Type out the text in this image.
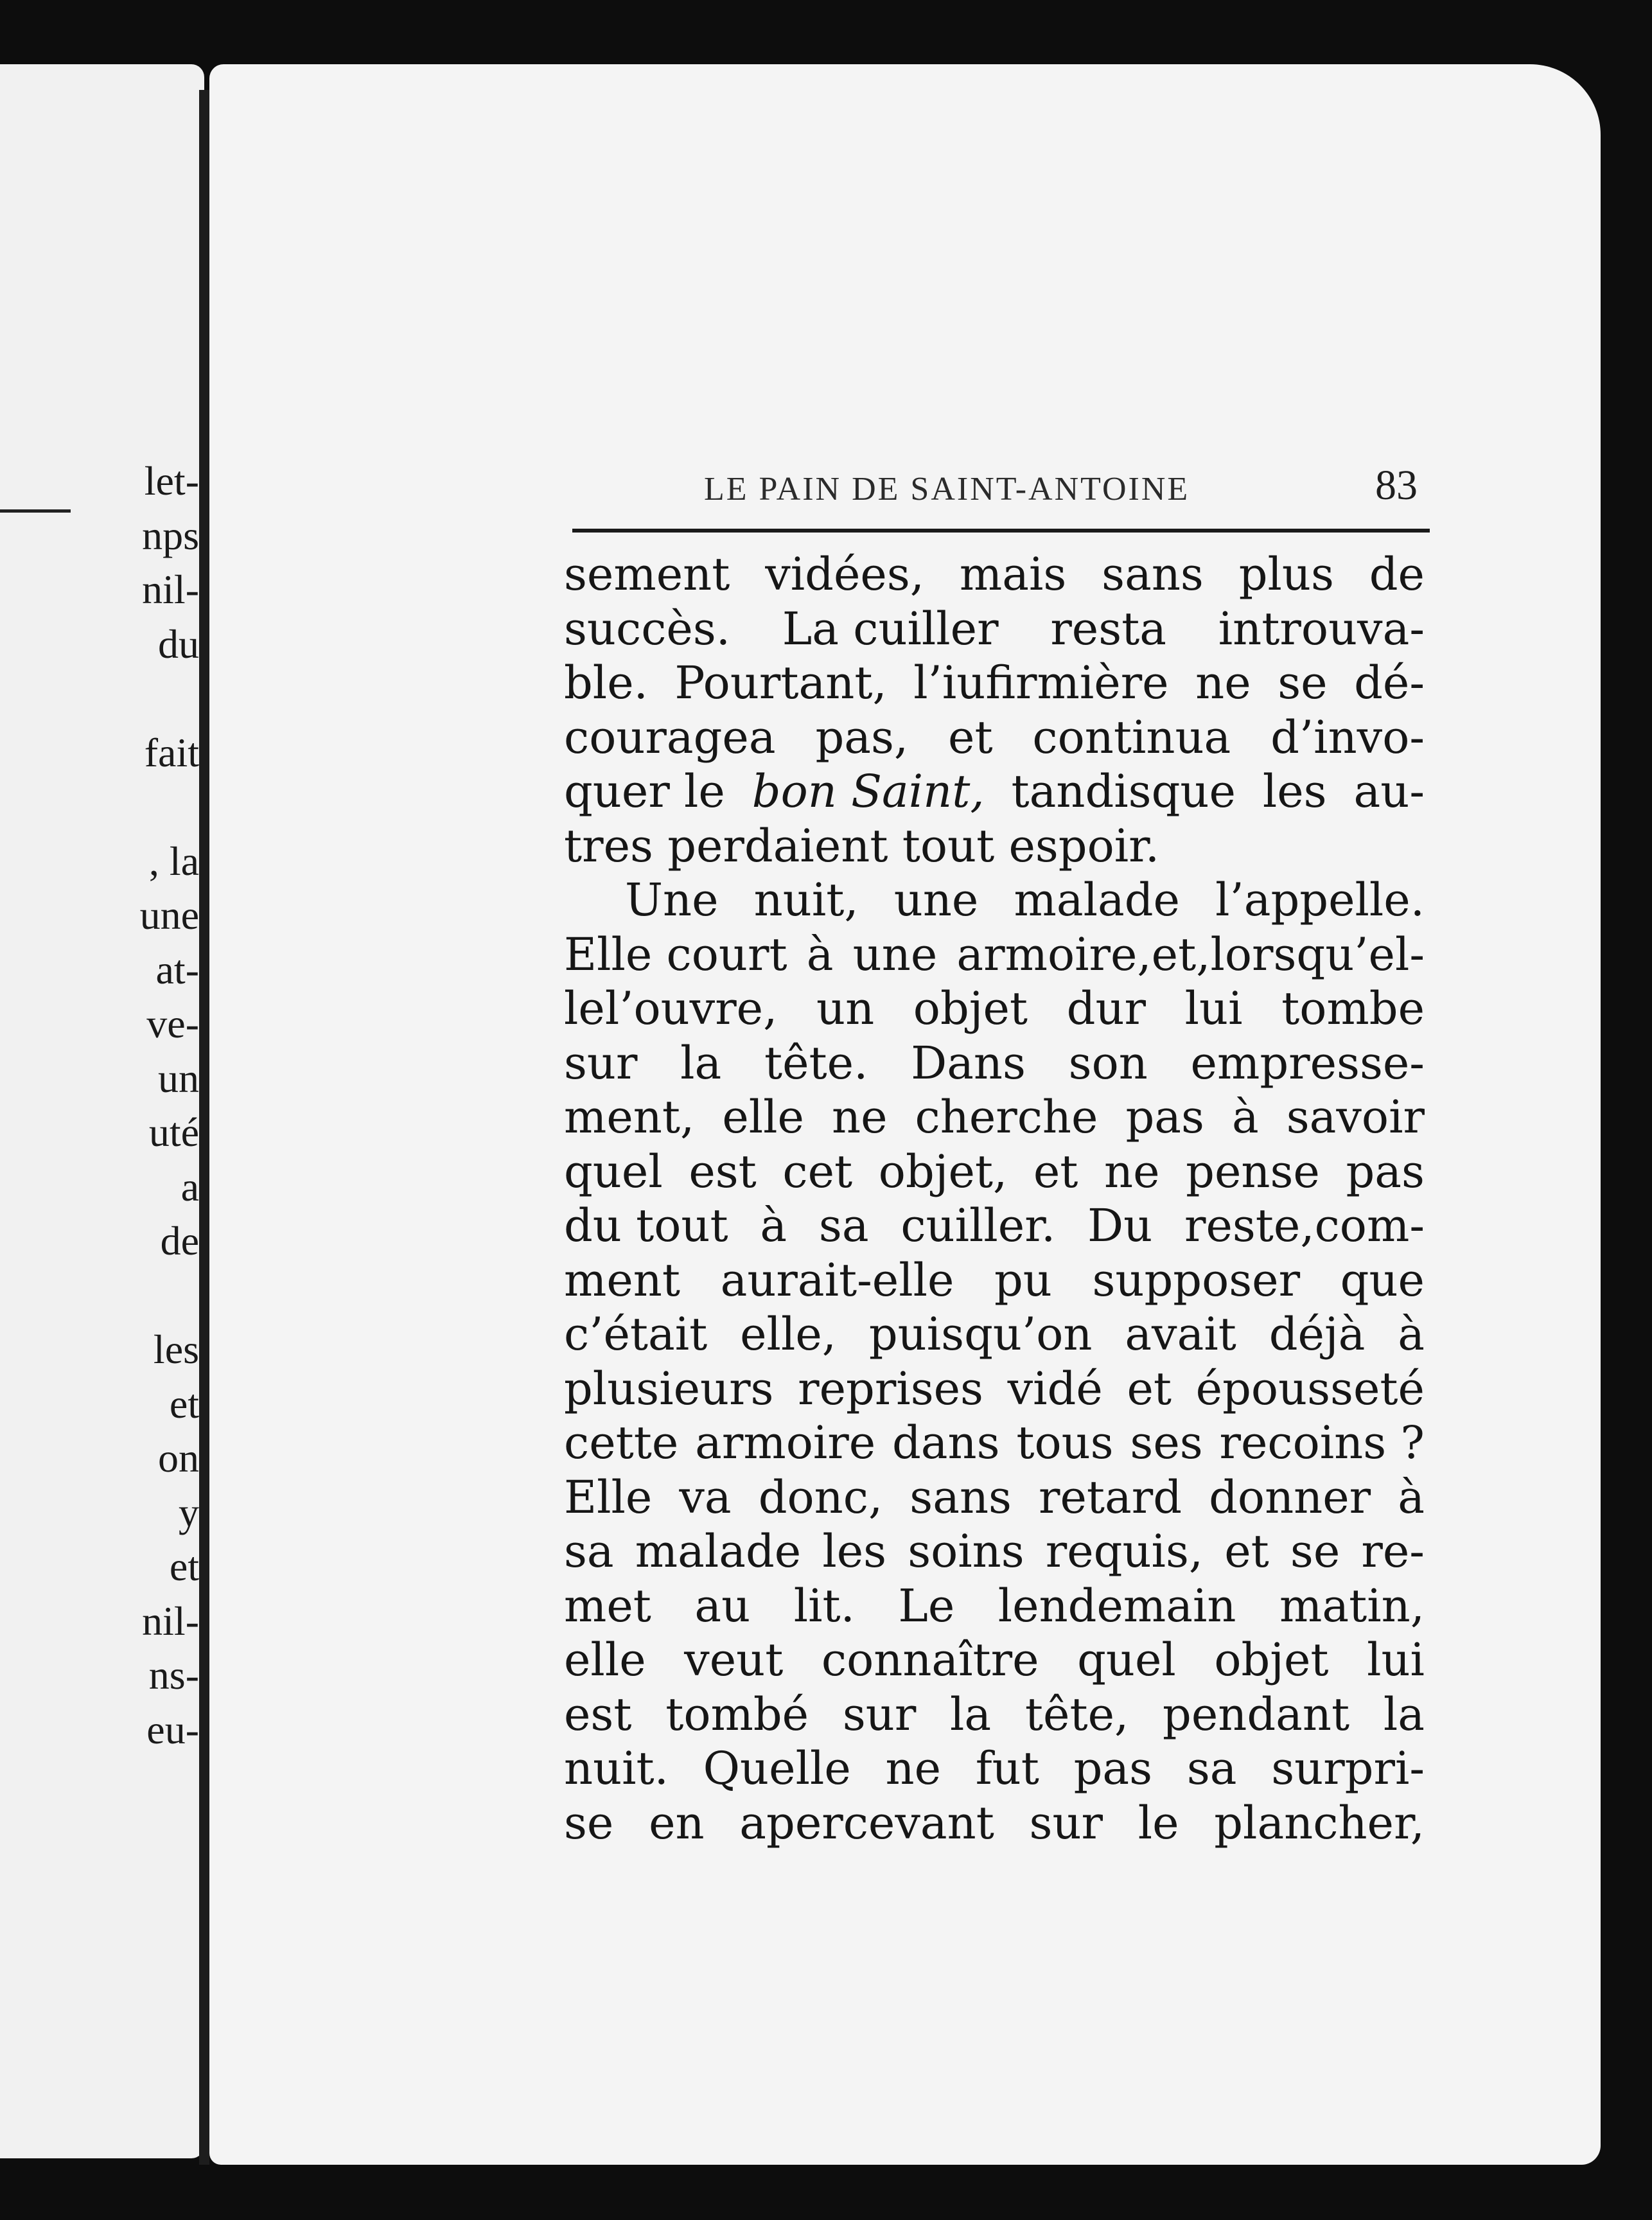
let-
nps
nil-
du
fait
, la
une
at-
ve-
un
uté
a
de
les
et
on
y
et
nil-
ns-
eu-
LE PAIN DE SAINT-ANTOINE	83
sement vidées, mais sans plus de
succès. La cuiller resta introuva-
ble. Pourtant, l’iufirmière ne se dé-
couragea pas, et continua d’invo-
quer le bon Saint, tandisque les au-
tres perdaient tout espoir.
Une nuit, une malade l’appelle.
Elle court à une armoire,et,lorsqu’el-
lel’ouvre, un objet dur lui tombe
sur la tête. Dans son empresse-
ment, elle ne cherche pas à savoir
quel est cet objet, et ne pense pas
du tout à sa cuiller. Du reste,com-
ment aurait-elle pu supposer que
c’était elle, puisqu’on avait déjà à
plusieurs reprises vidé et épousseté
cette armoire dans tous ses recoins ?
Elle va donc, sans retard donner à
sa malade les soins requis, et se re-
met au lit. Le lendemain matin,
elle veut connaître quel objet lui
est tombé sur la tête, pendant la
nuit. Quelle ne fut pas sa surpri-
se en apercevant sur le plancher,
